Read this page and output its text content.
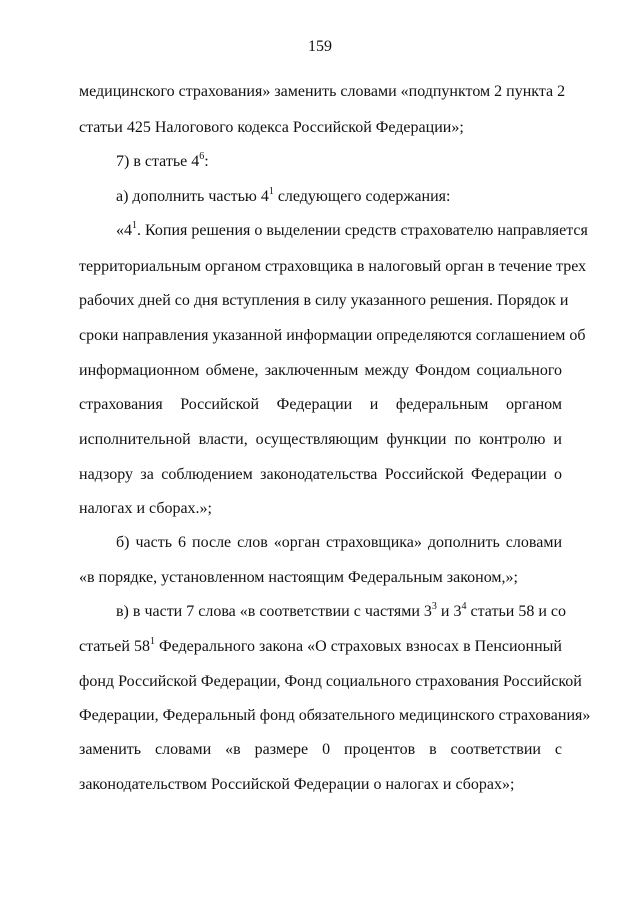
159
медицинского страхования» заменить словами «подпунктом 2 пункта 2
статьи 425 Налогового кодекса Российской Федерации»;
7) в статье $4^6$:
а) дополнить частью $4^1$ следующего содержания:
«$4^1$. Копия решения о выделении средств страхователю направляется
территориальным органом страховщика в налоговый орган в течение трех
рабочих дней со дня вступления в силу указанного решения. Порядок и
сроки направления указанной информации определяются соглашением об
информационном обмене, заключенным между Фондом социального
страхования Российской Федерации и федеральным органом
исполнительной власти, осуществляющим функции по контролю и
надзору за соблюдением законодательства Российской Федерации о
налогах и сборах.»;
б) часть 6 после слов «орган страховщика» дополнить словами
«в порядке, установленном настоящим Федеральным законом,»;
в) в части 7 слова «в соответствии с частями $3^3$ и $3^4$ статьи 58 и со
статьей $58^1$ Федерального закона «О страховых взносах в Пенсионный
фонд Российской Федерации, Фонд социального страхования Российской
Федерации, Федеральный фонд обязательного медицинского страхования»
заменить словами «в размере 0 процентов в соответствии с
законодательством Российской Федерации о налогах и сборах»;
